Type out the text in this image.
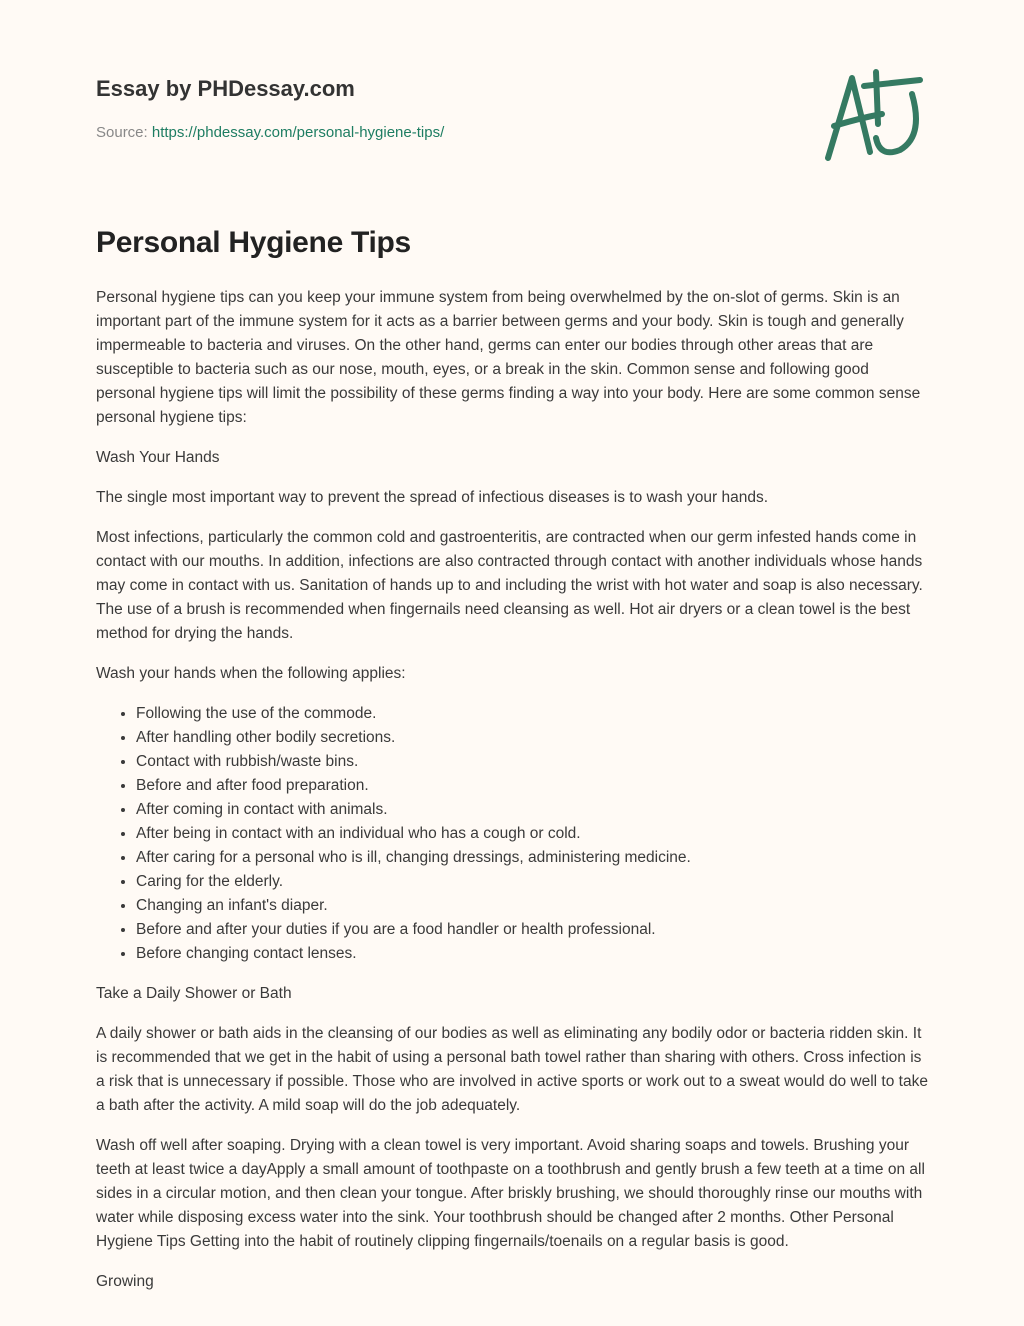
Essay by PHDessay.com
Source: https://phdessay.com/personal-hygiene-tips/
Personal Hygiene Tips

Personal hygiene tips can you keep your immune system from being overwhelmed by the on-slot of germs. Skin is an important part of the immune system for it acts as a barrier between germs and your body. Skin is tough and generally impermeable to bacteria and viruses. On the other hand, germs can enter our bodies through other areas that are susceptible to bacteria such as our nose, mouth, eyes, or a break in the skin. Common sense and following good personal hygiene tips will limit the possibility of these germs finding a way into your body. Here are some common sense personal hygiene tips:

Wash Your Hands

The single most important way to prevent the spread of infectious diseases is to wash your hands.

Most infections, particularly the common cold and gastroenteritis, are contracted when our germ infested hands come in contact with our mouths. In addition, infections are also contracted through contact with another individuals whose hands may come in contact with us. Sanitation of hands up to and including the wrist with hot water and soap is also necessary. The use of a brush is recommended when fingernails need cleansing as well. Hot air dryers or a clean towel is the best method for drying the hands.

Wash your hands when the following applies:

• Following the use of the commode.
• After handling other bodily secretions.
• Contact with rubbish/waste bins.
• Before and after food preparation.
• After coming in contact with animals.
• After being in contact with an individual who has a cough or cold.
• After caring for a personal who is ill, changing dressings, administering medicine.
• Caring for the elderly.
• Changing an infant's diaper.
• Before and after your duties if you are a food handler or health professional.
• Before changing contact lenses.

Take a Daily Shower or Bath

A daily shower or bath aids in the cleansing of our bodies as well as eliminating any bodily odor or bacteria ridden skin. It is recommended that we get in the habit of using a personal bath towel rather than sharing with others. Cross infection is a risk that is unnecessary if possible. Those who are involved in active sports or work out to a sweat would do well to take a bath after the activity. A mild soap will do the job adequately.

Wash off well after soaping. Drying with a clean towel is very important. Avoid sharing soaps and towels. Brushing your teeth at least twice a dayApply a small amount of toothpaste on a toothbrush and gently brush a few teeth at a time on all sides in a circular motion, and then clean your tongue. After briskly brushing, we should thoroughly rinse our mouths with water while disposing excess water into the sink. Your toothbrush should be changed after 2 months. Other Personal Hygiene Tips Getting into the habit of routinely clipping fingernails/toenails on a regular basis is good.

Growing
